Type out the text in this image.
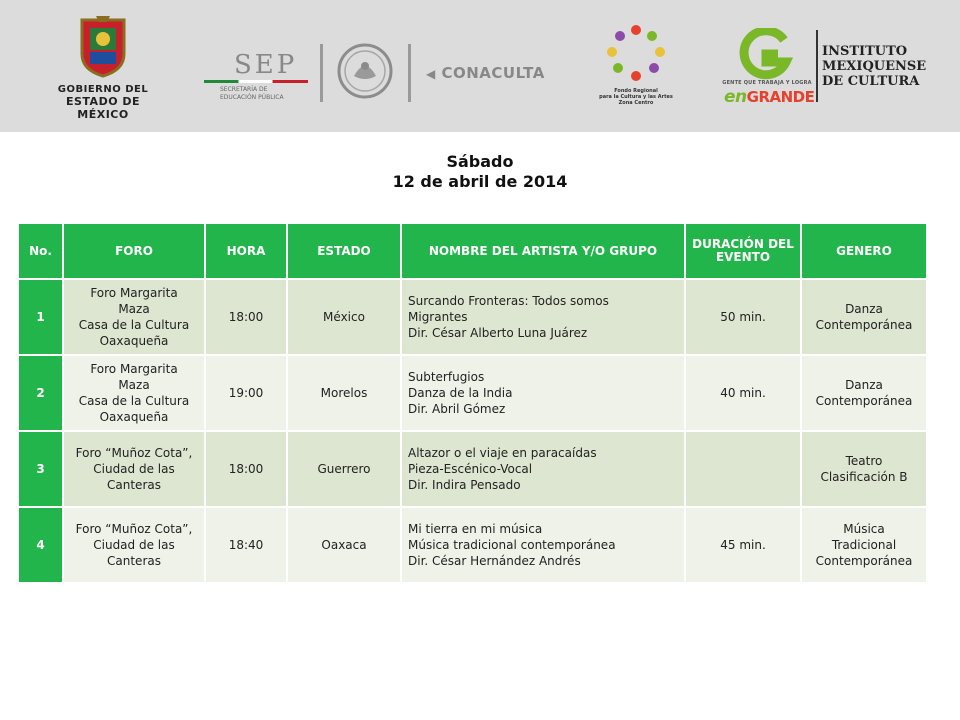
GOBIERNO DEL
ESTADO DE MÉXICO
SEP
SECRETARÍA DE
EDUCACIÓN PÚBLICA
◀ CONACULTA
Fondo Regional
para la Cultura y las Artes
Zona Centro
GENTE QUE TRABAJA Y LOGRA
enGRANDE
INSTITUTO
MEXIQUENSE
DE CULTURA
Sábado
12 de abril de 2014
No.	FORO	HORA	ESTADO	NOMBRE DEL ARTISTA Y/O GRUPO	DURACIÓN DEL EVENTO	GENERO
1	Foro Margarita
Maza
Casa de la Cultura
Oaxaqueña	18:00	México	Surcando Fronteras: Todos somos
Migrantes
Dir. César Alberto Luna Juárez	50 min.	Danza
Contemporánea

2	Foro Margarita
Maza
Casa de la Cultura
Oaxaqueña	19:00	Morelos	Subterfugios
Danza de la India
Dir. Abril Gómez	40 min.	Danza
Contemporánea

3	Foro “Muñoz Cota”,
Ciudad de las
Canteras	18:00	Guerrero	Altazor o el viaje en paracaídas
Pieza-Escénico-Vocal
Dir. Indira Pensado		Teatro
Clasificación B

4	Foro “Muñoz Cota”,
Ciudad de las
Canteras	18:40	Oaxaca	Mi tierra en mi música
Música tradicional contemporánea
Dir. César Hernández Andrés	45 min.	Música
Tradicional
Contemporánea
